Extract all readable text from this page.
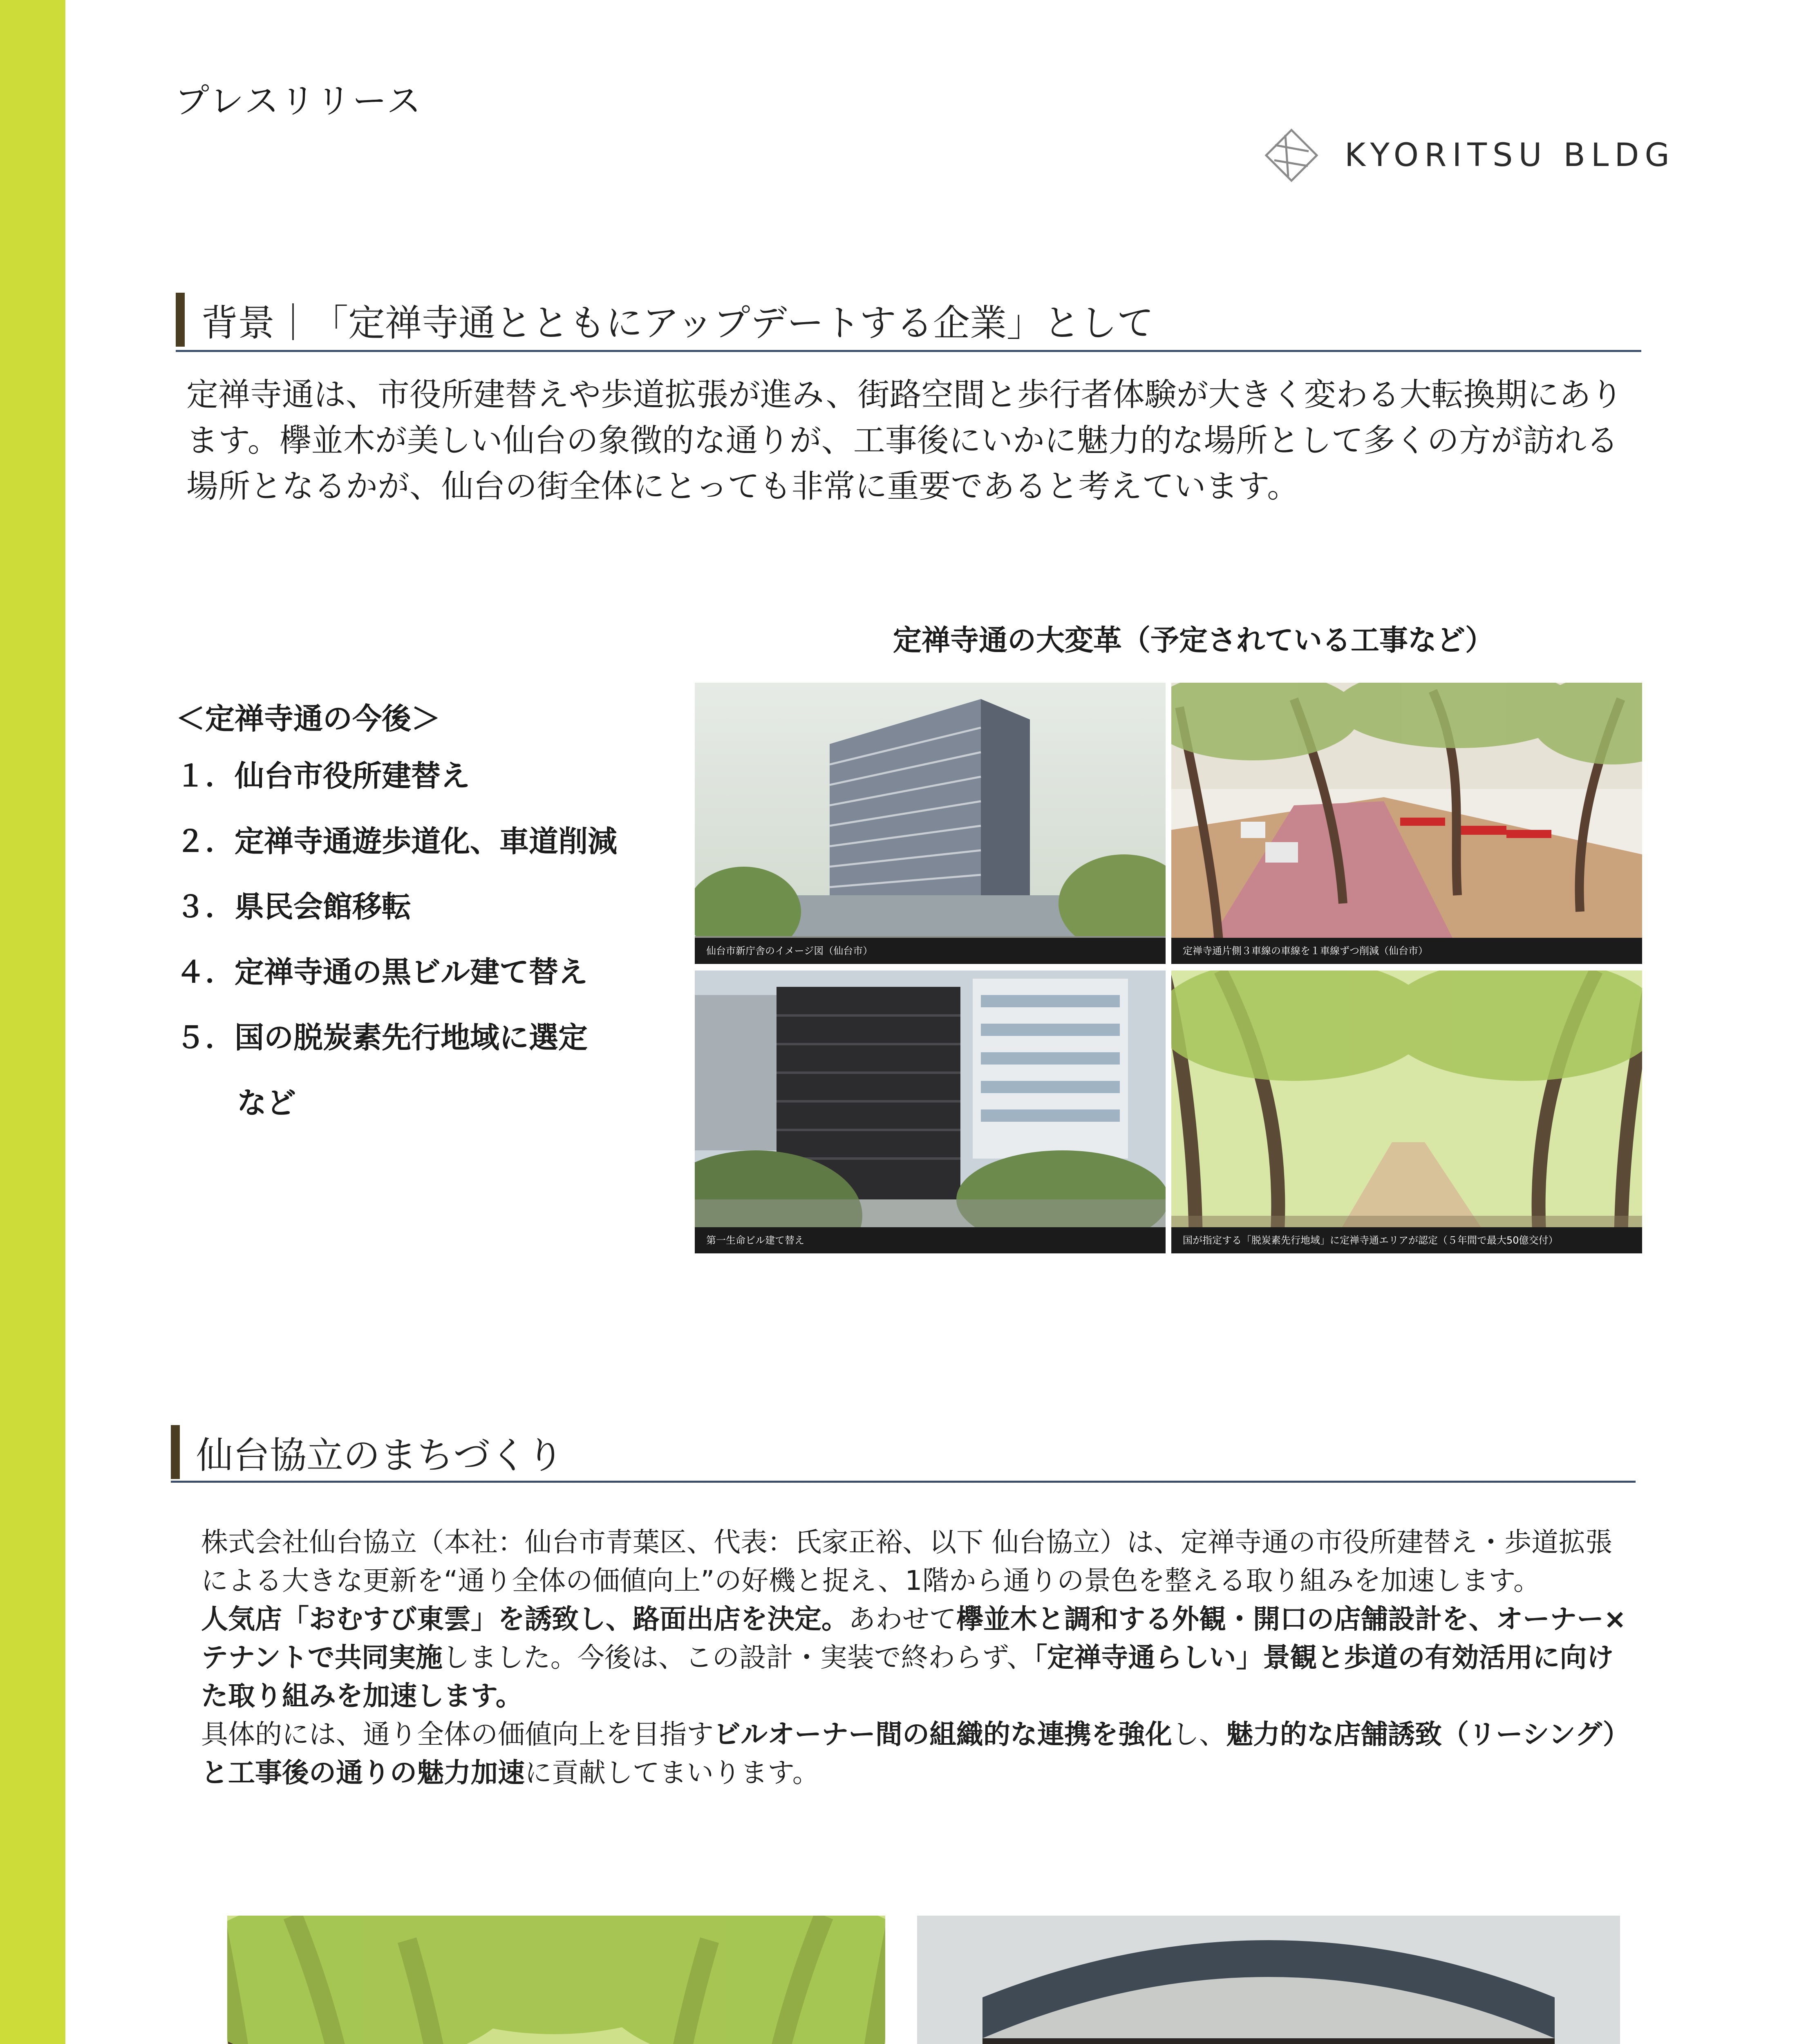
プレスリリース
KYORITSU BLDG
背景｜「定禅寺通とともにアップデートする企業」として
定禅寺通は、市役所建替えや歩道拡張が進み、街路空間と歩行者体験が大きく変わる大転換期にあります。欅並木が美しい仙台の象徴的な通りが、工事後にいかに魅力的な場所として多くの方が訪れる場所となるかが、仙台の街全体にとっても非常に重要であると考えています。
＜定禅寺通の今後＞
１．仙台市役所建替え
２．定禅寺通遊歩道化、車道削減
３．県民会館移転
４．定禅寺通の黒ビル建て替え
５．国の脱炭素先行地域に選定
など
定禅寺通の大変革（予定されている工事など）
仙台市新庁舎のイメージ図（仙台市）	定禅寺通片側３車線の車線を１車線ずつ削減（仙台市）
第一生命ビル建て替え	国が指定する「脱炭素先行地域」に定禅寺通エリアが認定（５年間で最大50億交付）
仙台協立のまちづくり
株式会社仙台協立（本社：仙台市青葉区、代表：氏家正裕、以下 仙台協立）は、定禅寺通の市役所建替え・歩道拡張による大きな更新を“通り全体の価値向上”の好機と捉え、1階から通りの景色を整える取り組みを加速します。
人気店「おむすび東雲」を誘致し、路面出店を決定。あわせて欅並木と調和する外観・開口の店舗設計を、オーナー×テナントで共同実施しました。今後は、この設計・実装で終わらず、「定禅寺通らしい」景観と歩道の有効活用に向けた取り組みを加速します。
具体的には、通り全体の価値向上を目指すビルオーナー間の組織的な連携を強化し、魅力的な店舗誘致（リーシング）と工事後の通りの魅力加速に貢献してまいります。
